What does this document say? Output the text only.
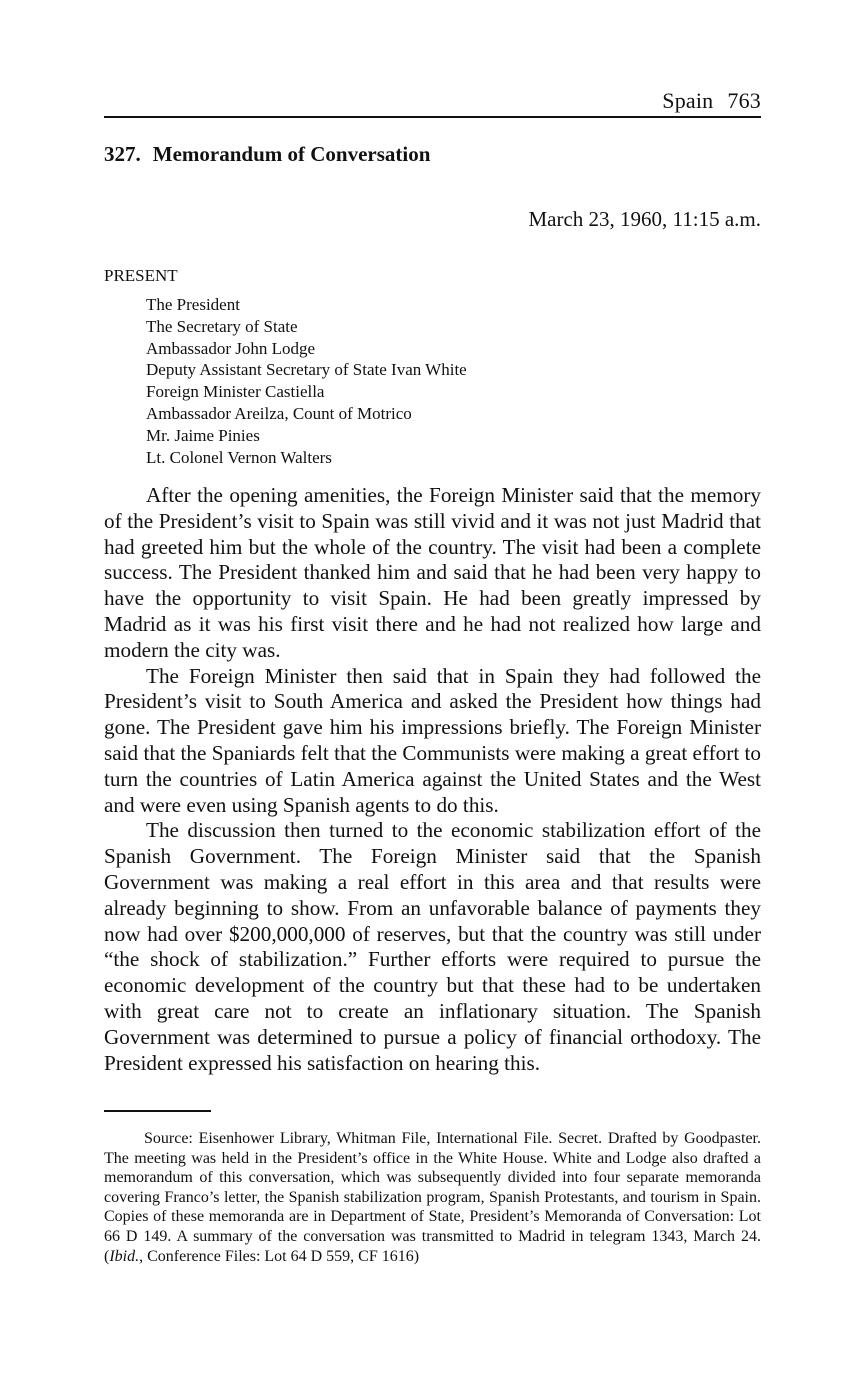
Spain 763
327. Memorandum of Conversation
March 23, 1960, 11:15 a.m.
PRESENT
The President
The Secretary of State
Ambassador John Lodge
Deputy Assistant Secretary of State Ivan White
Foreign Minister Castiella
Ambassador Areilza, Count of Motrico
Mr. Jaime Pinies
Lt. Colonel Vernon Walters

After the opening amenities, the Foreign Minister said that the memory of the President’s visit to Spain was still vivid and it was not just Madrid that had greeted him but the whole of the country. The visit had been a complete success. The President thanked him and said that he had been very happy to have the opportunity to visit Spain. He had been greatly impressed by Madrid as it was his first visit there and he had not realized how large and modern the city was.

The Foreign Minister then said that in Spain they had followed the President’s visit to South America and asked the President how things had gone. The President gave him his impressions briefly. The Foreign Minister said that the Spaniards felt that the Communists were making a great effort to turn the countries of Latin America against the United States and the West and were even using Spanish agents to do this.

The discussion then turned to the economic stabilization effort of the Spanish Government. The Foreign Minister said that the Spanish Government was making a real effort in this area and that results were already beginning to show. From an unfavorable balance of payments they now had over $200,000,000 of reserves, but that the country was still under “the shock of stabilization.” Further efforts were required to pursue the economic development of the country but that these had to be undertaken with great care not to create an inflationary situation. The Spanish Government was determined to pursue a policy of financial orthodoxy. The President expressed his satisfaction on hearing this.

Source: Eisenhower Library, Whitman File, International File. Secret. Drafted by Goodpaster. The meeting was held in the President’s office in the White House. White and Lodge also drafted a memorandum of this conversation, which was subsequently divided into four separate memoranda covering Franco’s letter, the Spanish stabilization program, Spanish Protestants, and tourism in Spain. Copies of these memoranda are in Department of State, President’s Memoranda of Conversation: Lot 66 D 149. A summary of the conversation was transmitted to Madrid in telegram 1343, March 24. (Ibid., Conference Files: Lot 64 D 559, CF 1616)
